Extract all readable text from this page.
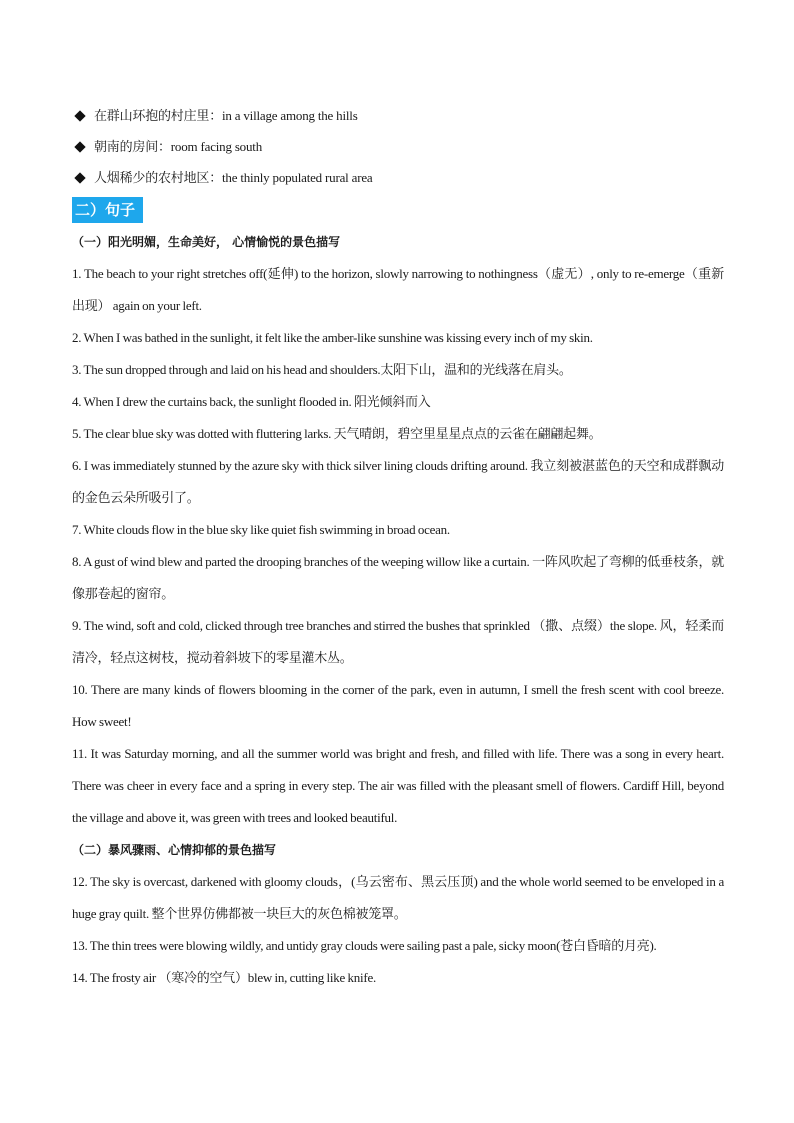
在群山环抱的村庄里：in a village among the hills
朝南的房间：room facing south
人烟稀少的农村地区：the thinly populated rural area
二）句子
（一）阳光明媚，生命美好， 心情愉悦的景色描写
1. The beach to your right stretches off(延伸) to the horizon, slowly narrowing to nothingness（虚无）, only to re-emerge（重新出现） again on your left.
2. When I was bathed in the sunlight, it felt like the amber-like sunshine was kissing every inch of my skin.
3. The sun dropped through and laid on his head and shoulders.太阳下山，温和的光线落在肩头。
4. When I drew the curtains back, the sunlight flooded in. 阳光倾斜而入
5. The clear blue sky was dotted with fluttering larks. 天气晴朗，碧空里星星点点的云雀在翩翩起舞。
6. I was immediately stunned by the azure sky with thick silver lining clouds drifting around. 我立刻被湛蓝色的天空和成群飘动的金色云朵所吸引了。
7. White clouds flow in the blue sky like quiet fish swimming in broad ocean.
8. A gust of wind blew and parted the drooping branches of the weeping willow like a curtain. 一阵风吹起了弯柳的低垂枝条，就像那卷起的窗帘。
9. The wind, soft and cold, clicked through tree branches and stirred the bushes that sprinkled （撒、点缀）the slope. 风，轻柔而清冷，轻点这树枝，搅动着斜坡下的零星灌木丛。
10. There are many kinds of flowers blooming in the corner of the park, even in autumn, I smell the fresh scent with cool breeze. How sweet!
11. It was Saturday morning, and all the summer world was bright and fresh, and filled with life. There was a song in every heart. There was cheer in every face and a spring in every step. The air was filled with the pleasant smell of flowers. Cardiff Hill, beyond the village and above it, was green with trees and looked beautiful.
（二）暴风骤雨、心情抑郁的景色描写
12. The sky is overcast, darkened with gloomy clouds，(乌云密布、黑云压顶) and the whole world seemed to be enveloped in a huge gray quilt. 整个世界仿佛都被一块巨大的灰色棉被笼罩。
13. The thin trees were blowing wildly, and untidy gray clouds were sailing past a pale, sicky moon(苍白昏暗的月亮).
14. The frosty air （寒冷的空气）blew in, cutting like knife.
